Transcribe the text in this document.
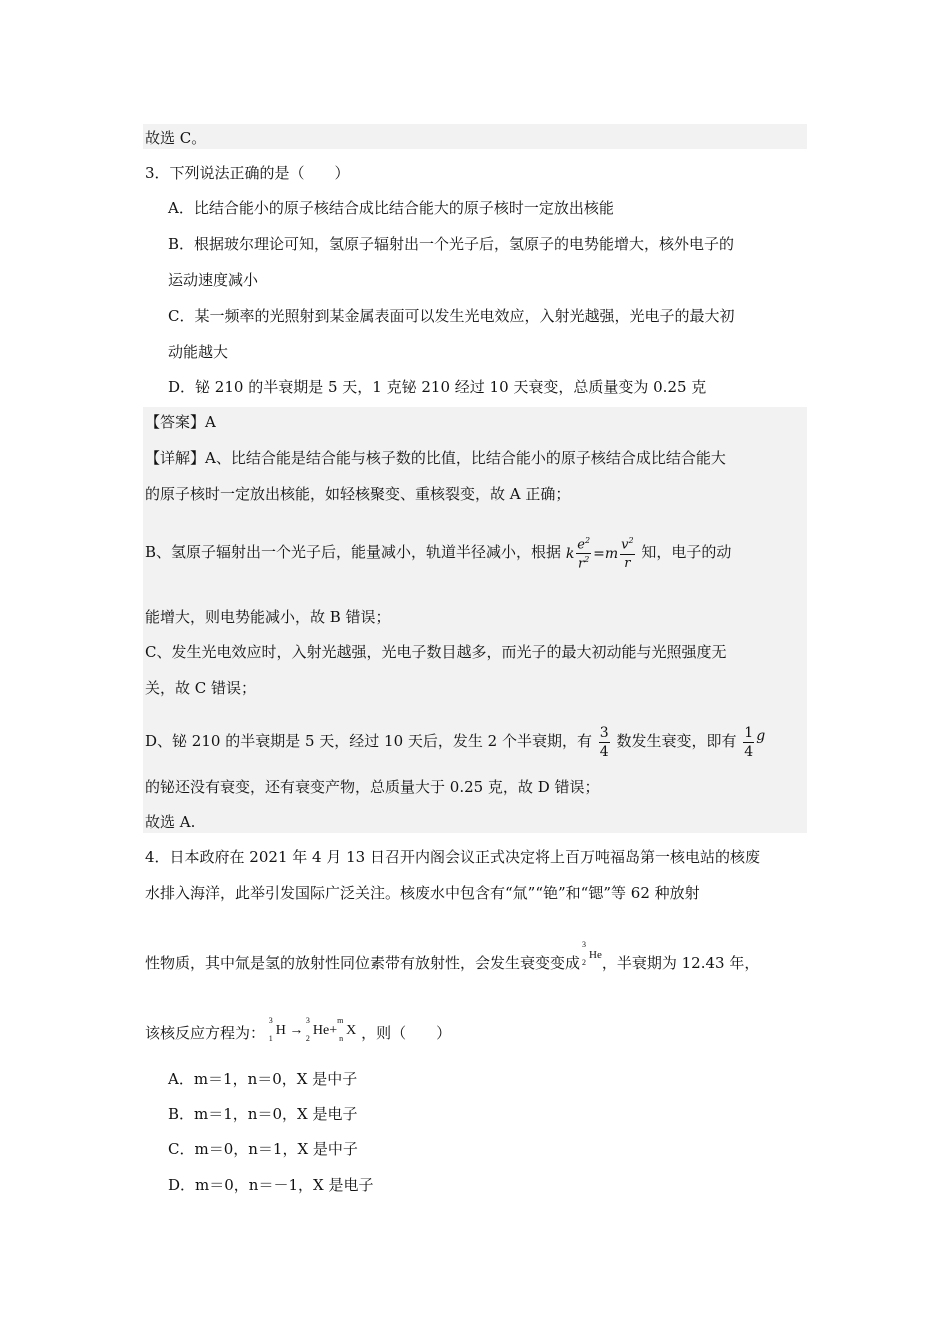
故选 C。
3．下列说法正确的是（　　）
A．比结合能小的原子核结合成比结合能大的原子核时一定放出核能
B．根据玻尔理论可知，氢原子辐射出一个光子后，氢原子的电势能增大，核外电子的
运动速度减小
C．某一频率的光照射到某金属表面可以发生光电效应，入射光越强，光电子的最大初
动能越大
D．铋 210 的半衰期是 5 天，1 克铋 210 经过 10 天衰变，总质量变为 0.25 克
【答案】A
【详解】A、比结合能是结合能与核子数的比值，比结合能小的原子核结合成比结合能大
的原子核时一定放出核能，如轻核聚变、重核裂变，故 A 正确；
B、氢原子辐射出一个光子后，能量减小，轨道半径减小，根据 k $\frac{e^2}{r^2} =m \frac{v^2}{r}$ 知，电子的动
能增大，则电势能减小，故 B 错误；
C、发生光电效应时，入射光越强，光电子数目越多，而光子的最大初动能与光照强度无
关，故 C 错误；
D、铋 210 的半衰期是 5 天，经过 10 天后，发生 2 个半衰期，有 $\frac{3}{4}$ 数发生衰变，即有 $\frac{1}{4}$ g
的铋还没有衰变，还有衰变产物，总质量大于 0.25 克，故 D 错误；
故选 A.
4．日本政府在 2021 年 4 月 13 日召开内阁会议正式决定将上百万吨福岛第一核电站的核废
水排入海洋，此举引发国际广泛关注。核废水中包含有“氚”“铯”和“锶”等 62 种放射
性物质，其中氚是氢的放射性同位素带有放射性，会发生衰变变成
3
He
2 ，半衰期为 12.43 年，
该核反应方程为：
3
H
1
→
3
He
2
+
m
X
n ，则（　　）
A．m＝1，n＝0，X 是中子
B．m＝1，n＝0，X 是电子
C．m＝0，n＝1，X 是中子
D．m＝0，n＝－1，X 是电子
